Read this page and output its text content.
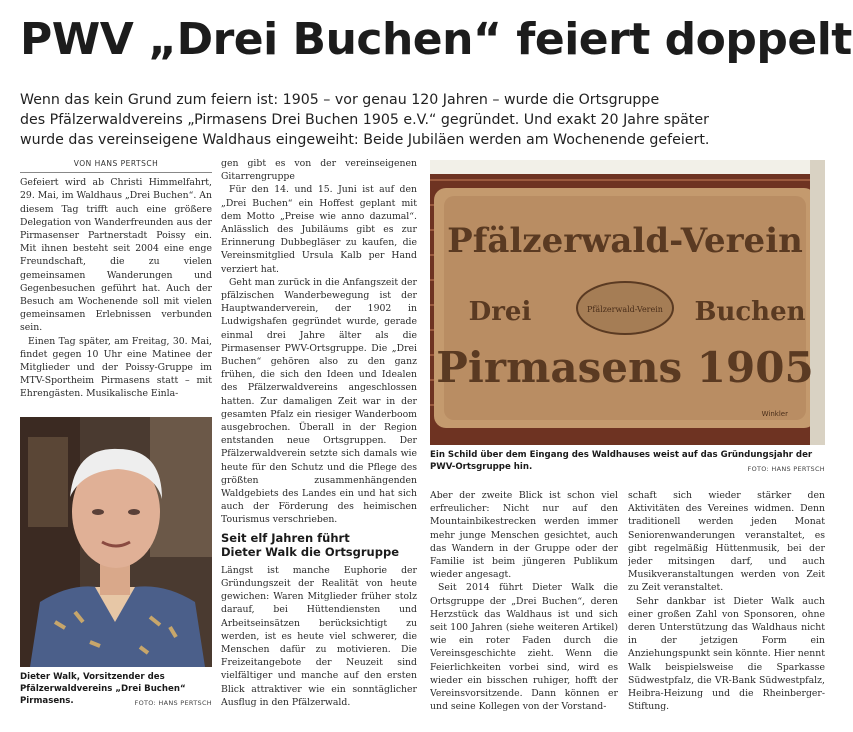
PWV „Drei Buchen“ feiert doppelt

Wenn das kein Grund zum feiern ist: 1905 – vor genau 120 Jahren – wurde die Ortsgruppe

des Pfälzerwaldvereins „Pirmasens Drei Buchen 1905 e.V.“ gegründet. Und exakt 20 Jahre später

wurde das vereinseigene Waldhaus eingeweiht: Beide Jubiläen werden am Wochenende gefeiert.

VON HANS PERTSCH

Gefeiert wird ab Christi Himmelfahrt, 29. Mai, im Waldhaus „Drei Buchen“. An diesem Tag trifft auch eine größere Delegation von Wanderfreunden aus der Pirmasenser Partnerstadt Poissy ein. Mit ihnen besteht seit 2004 eine enge Freundschaft, die zu vielen gemeinsamen Wanderungen und Gegenbesuchen geführt hat. Auch der Besuch am Wochenende soll mit vielen gemeinsamen Erlebnissen verbunden sein.

Einen Tag später, am Freitag, 30. Mai, findet gegen 10 Uhr eine Matinee der Mitglieder und der Poissy-Gruppe im MTV-Sportheim Pirmasens statt – mit Ehrengästen. Musikalische Einla-

Dieter Walk, Vorsitzender des Pfälzerwaldvereins „Drei Buchen“ Pirmasens.	FOTO: HANS PERTSCH

gen gibt es von der vereinseigenen Gitarrengruppe

Für den 14. und 15. Juni ist auf den „Drei Buchen“ ein Hoffest geplant mit dem Motto „Preise wie anno dazumal“. Anlässlich des Jubiläums gibt es zur Erinnerung Dubbegläser zu kaufen, die Vereinsmitglied Ursula Kalb per Hand verziert hat.

Geht man zurück in die Anfangszeit der pfälzischen Wanderbewegung ist der Hauptwanderverein, der 1902 in Ludwigshafen gegründet wurde, gerade einmal drei Jahre älter als die Pirmasenser PWV-Ortsgruppe. Die „Drei Buchen“ gehören also zu den ganz frühen, die sich den Ideen und Idealen des Pfälzerwaldvereins angeschlossen hatten. Zur damaligen Zeit war in der gesamten Pfalz ein riesiger Wanderboom ausgebrochen. Überall in der Region entstanden neue Ortsgruppen. Der Pfälzerwaldverein setzte sich damals wie heute für den Schutz und die Pflege des größten zusammenhängenden Waldgebiets des Landes ein und hat sich auch der Förderung des heimischen Tourismus verschrieben.

Seit elf Jahren führt
Dieter Walk die Ortsgruppe

Längst ist manche Euphorie der Gründungszeit der Realität von heute gewichen: Waren Mitglieder früher stolz darauf, bei Hüttendiensten und Arbeitseinsätzen berücksichtigt zu werden, ist es heute viel schwerer, die Menschen dafür zu motivieren. Die Freizeitangebote der Neuzeit sind vielfältiger und manche auf den ersten Blick attraktiver wie ein sonntäglicher Ausflug in den Pfälzerwald.

Pfälzerwald-Verein
Drei	Buchen
Pfälzerwald-Verein
Pirmasens 1905
Winkler
Ein Schild über dem Eingang des Waldhauses weist auf das Gründungsjahr der PWV-Ortsgruppe hin.	FOTO: HANS PERTSCH

Aber der zweite Blick ist schon viel erfreulicher: Nicht nur auf den Mountainbikestrecken werden immer mehr junge Menschen gesichtet, auch das Wandern in der Gruppe oder der Familie ist beim jüngeren Publikum wieder angesagt.

Seit 2014 führt Dieter Walk die Ortsgruppe der „Drei Buchen“, deren Herzstück das Waldhaus ist und sich seit 100 Jahren (siehe weiteren Artikel) wie ein roter Faden durch die Vereinsgeschichte zieht. Wenn die Feierlichkeiten vorbei sind, wird es wieder ein bisschen ruhiger, hofft der Vereinsvorsitzende. Dann können er und seine Kollegen von der Vorstand-

schaft sich wieder stärker den Aktivitäten des Vereines widmen. Denn traditionell werden jeden Monat Seniorenwanderungen veranstaltet, es gibt regelmäßig Hüttenmusik, bei der jeder mitsingen darf, und auch Musikveranstaltungen werden von Zeit zu Zeit veranstaltet.

Sehr dankbar ist Dieter Walk auch einer großen Zahl von Sponsoren, ohne deren Unterstützung das Waldhaus nicht in der jetzigen Form ein Anziehungspunkt sein könnte. Hier nennt Walk beispielsweise die Sparkasse Südwestpfalz, die VR-Bank Südwestpfalz, Heibra-Heizung und die Rheinberger-Stiftung.
